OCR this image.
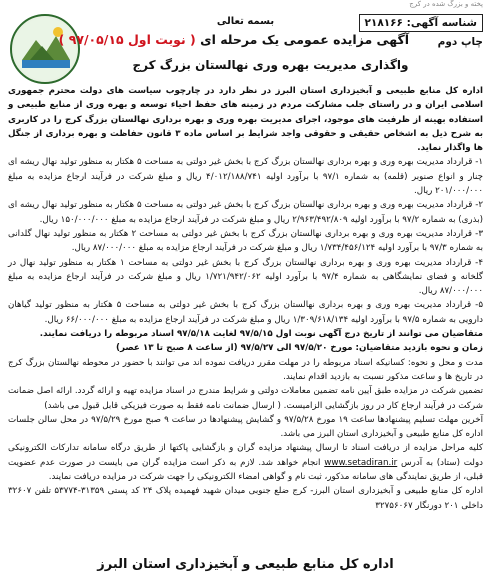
پخته و بزرگ شده در کرج
شناسه آگهی: ۲۱۸۱۶۶
بسمه تعالی
آگهی مزایده عمومی یک مرحله ای ( نوبت اول ۹۷/۰۵/۱۵ )	چاپ دوم
واگذاری مدیریت بهره وری نهالستان بزرگ کرج

اداره کل منابع طبیعی و آبخیزداری استان البرز در نظر دارد در چارچوب سیاست های دولت محترم جمهوری اسلامی ایران و در راستای جلب مشارکت مردم در زمینه های حفظ احیاء توسعه و بهره وری از منابع طبیعی و استفاده بهینه از ظرفیت های موجود، اجرای مدیریت بهره وری و بهره برداری نهالستان بزرگ کرج را در کاربری به شرح ذیل به اشخاص حقیقی و حقوقی واجد شرایط بر اساس ماده ۳ قانون حفاظت و بهره برداری از جنگل ها واگذار نماید.

۱- قرارداد مدیریت بهره وری و بهره برداری نهالستان بزرگ کرج با بخش غیر دولتی به مساحت ۵ هکتار به منظور تولید نهال ریشه ای چنار و انواع صنوبر (قلمه) به شماره ۹۷/۱ با برآورد اولیه ۴/۰۱۲/۱۸۸/۷۴۱ ریال و مبلغ شرکت در فرآیند ارجاع مزایده به مبلغ ۲۰۱/۰۰۰/۰۰۰ ریال.

۲- قرارداد مدیریت بهره وری و بهره برداری نهالستان بزرگ کرج با بخش غیر دولتی به مساحت ۵ هکتار به منظور تولید نهال ریشه ای (بذری) به شماره ۹۷/۲ با برآورد اولیه ۲/۹۶۳/۴۹۲/۸۰۹ ریال و مبلغ شرکت در فرآیند ارجاع مزایده به مبلغ ۱۵۰/۰۰۰/۰۰۰ ریال.

۳- قرارداد مدیریت بهره وری و بهره برداری نهالستان بزرگ کرج با بخش غیر دولتی به مساحت ۲ هکتار به منظور تولید نهال گلدانی به شماره ۹۷/۳ با برآورد اولیه ۱/۷۳۴/۴۵۶/۱۲۴ ریال و مبلغ شرکت در فرآیند ارجاع مزایده به مبلغ ۸۷/۰۰۰/۰۰۰ ریال.

۴- قرارداد مدیریت بهره وری و بهره برداری نهالستان بزرگ کرج با بخش غیر دولتی به مساحت ۱ هکتار به منظور تولید نهال در گلخانه و فضای نمایشگاهی به شماره ۹۷/۴ با برآورد اولیه ۱/۷۲۱/۹۴۲/۰۶۲ ریال و مبلغ شرکت در فرآیند ارجاع مزایده به مبلغ ۸۷/۰۰۰/۰۰۰ ریال.

۵- قرارداد مدیریت بهره وری و بهره برداری نهالستان بزرگ کرج با بخش غیر دولتی به مساحت ۵ هکتار به منظور تولید گیاهان دارویی به شماره ۹۷/۵ با برآورد اولیه ۱/۳۰۹/۶۱۸/۱۳۴ ریال و مبلغ شرکت در فرآیند ارجاع مزایده به مبلغ ۶۶/۰۰۰/۰۰۰ ریال.

متقاضیان می توانند از تاریخ درج آگهی نوبت اول ۹۷/۵/۱۵ لغایت ۹۷/۵/۱۸ اسناد مربوطه را دریافت نمایند.

زمان و نحوه بازدید متقاضیان: مورخ ۹۷/۵/۲۰ الی ۹۷/۵/۲۷ (از ساعت ۸ صبح تا ۱۳ عصر)

مدت و محل و نحوه: کسانیکه اسناد مربوطه را در مهلت مقرر دریافت نموده اند می توانند با حضور در محوطه نهالستان بزرگ کرج در تاریخ ها و ساعت مذکور نسبت به بازدید اقدام نمایند.

تضمین شرکت در مزایده طبق آیین نامه تضمین معاملات دولتی و شرایط مندرج در اسناد مزایده تهیه و ارائه گردد. ارائه اصل ضمانت شرکت در فرآیند ارجاع کار در روز بازگشایی الزامیست. ( ارسال ضمانت نامه فقط به صورت فیزیکی قابل قبول می باشد)

آخرین مهلت تسلیم پیشنهادها ساعت ۱۹ مورخ ۹۷/۵/۲۸ و گشایش پیشنهادها در ساعت ۹ صبح مورخ ۹۷/۵/۲۹ در محل سالن جلسات اداره کل منابع طبیعی و آبخیزداری استان البرز می باشد.

کلیه مراحل مزایده از دریافت اسناد تا ارسال پیشنهاد مزایده گران و بازگشایی پاکتها از طریق درگاه سامانه تدارکات الکترونیکی دولت (ستاد) به آدرس www.setadiran.ir انجام خواهد شد. لازم به ذکر است مزایده گران می بایست در صورت عدم عضویت قبلی، از طریق نمایندگی های سامانه مذکور، ثبت نام و گواهی امضاء الکترونیکی را جهت شرکت در مزایده دریافت نمایند.

اداره کل منابع طبیعی و آبخیزداری استان البرز- کرج ضلع جنوبی میدان شهید فهمیده پلاک ۲۴ کد پستی ۳۱۳۵۹-۵۳۷۷۴ تلفن ۳۲۶۰۷ داخلی ۲۰۱ دورنگار ۳۲۷۵۶۰۶۷

اداره کل منابع طبیعی و آبخیزداری استان البرز
